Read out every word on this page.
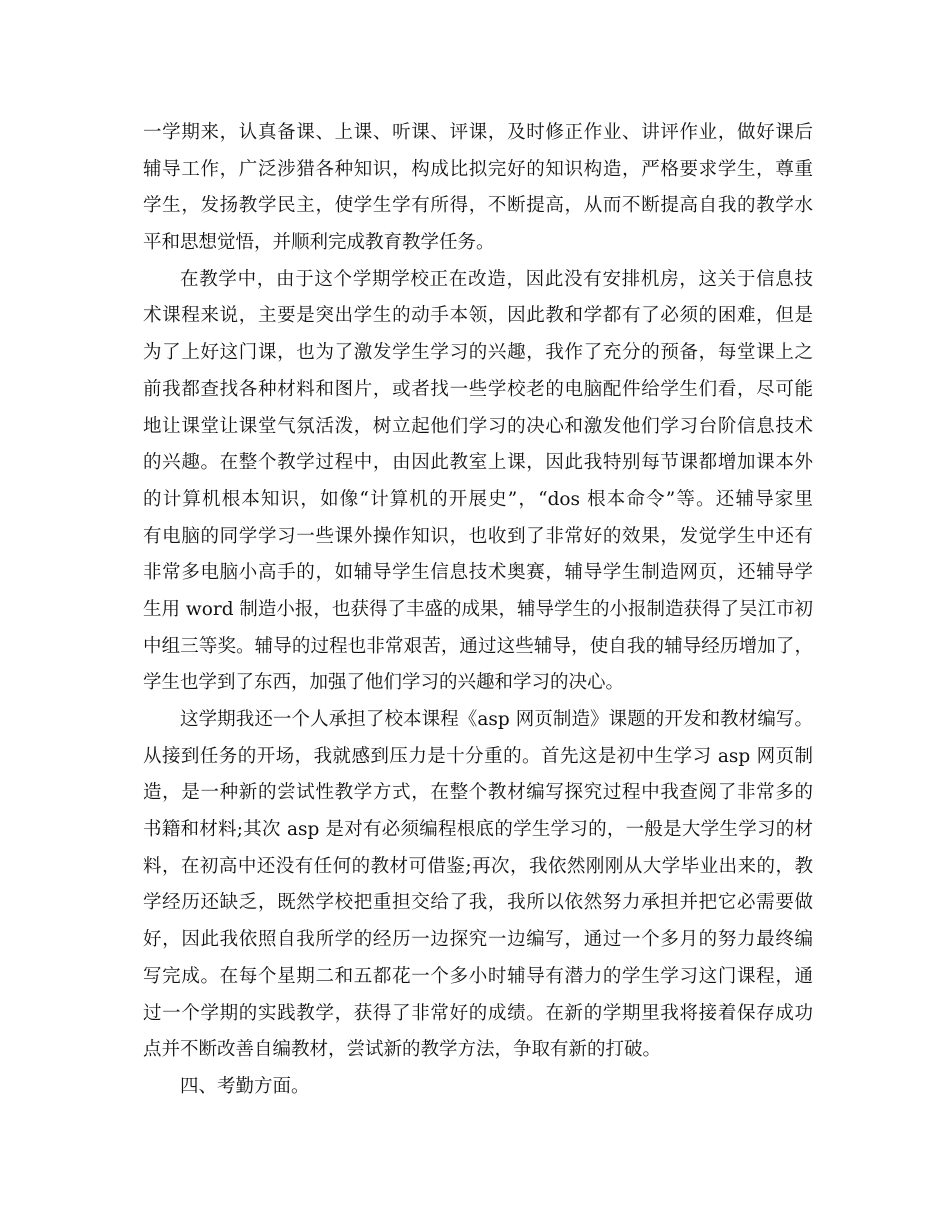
一学期来，认真备课、上课、听课、评课，及时修正作业、讲评作业，做好课后
辅导工作，广泛涉猎各种知识，构成比拟完好的知识构造，严格要求学生，尊重
学生，发扬教学民主，使学生学有所得，不断提高，从而不断提高自我的教学水
平和思想觉悟，并顺利完成教育教学任务。
在教学中，由于这个学期学校正在改造，因此没有安排机房，这关于信息技
术课程来说，主要是突出学生的动手本领，因此教和学都有了必须的困难，但是
为了上好这门课，也为了激发学生学习的兴趣，我作了充分的预备，每堂课上之
前我都查找各种材料和图片，或者找一些学校老的电脑配件给学生们看，尽可能
地让课堂让课堂气氛活泼，树立起他们学习的决心和激发他们学习台阶信息技术
的兴趣。在整个教学过程中，由因此教室上课，因此我特别每节课都增加课本外
的计算机根本知识，如像“计算机的开展史”，“dos 根本命令”等。还辅导家里
有电脑的同学学习一些课外操作知识，也收到了非常好的效果，发觉学生中还有
非常多电脑小高手的，如辅导学生信息技术奥赛，辅导学生制造网页，还辅导学
生用 word 制造小报，也获得了丰盛的成果，辅导学生的小报制造获得了吴江市初
中组三等奖。辅导的过程也非常艰苦，通过这些辅导，使自我的辅导经历增加了，
学生也学到了东西，加强了他们学习的兴趣和学习的决心。
这学期我还一个人承担了校本课程《asp 网页制造》课题的开发和教材编写。
从接到任务的开场，我就感到压力是十分重的。首先这是初中生学习 asp 网页制
造，是一种新的尝试性教学方式，在整个教材编写探究过程中我查阅了非常多的
书籍和材料;其次 asp 是对有必须编程根底的学生学习的，一般是大学生学习的材
料，在初高中还没有任何的教材可借鉴;再次，我依然刚刚从大学毕业出来的，教
学经历还缺乏，既然学校把重担交给了我，我所以依然努力承担并把它必需要做
好，因此我依照自我所学的经历一边探究一边编写，通过一个多月的努力最终编
写完成。在每个星期二和五都花一个多小时辅导有潜力的学生学习这门课程，通
过一个学期的实践教学，获得了非常好的成绩。在新的学期里我将接着保存成功
点并不断改善自编教材，尝试新的教学方法，争取有新的打破。
四、考勤方面。
